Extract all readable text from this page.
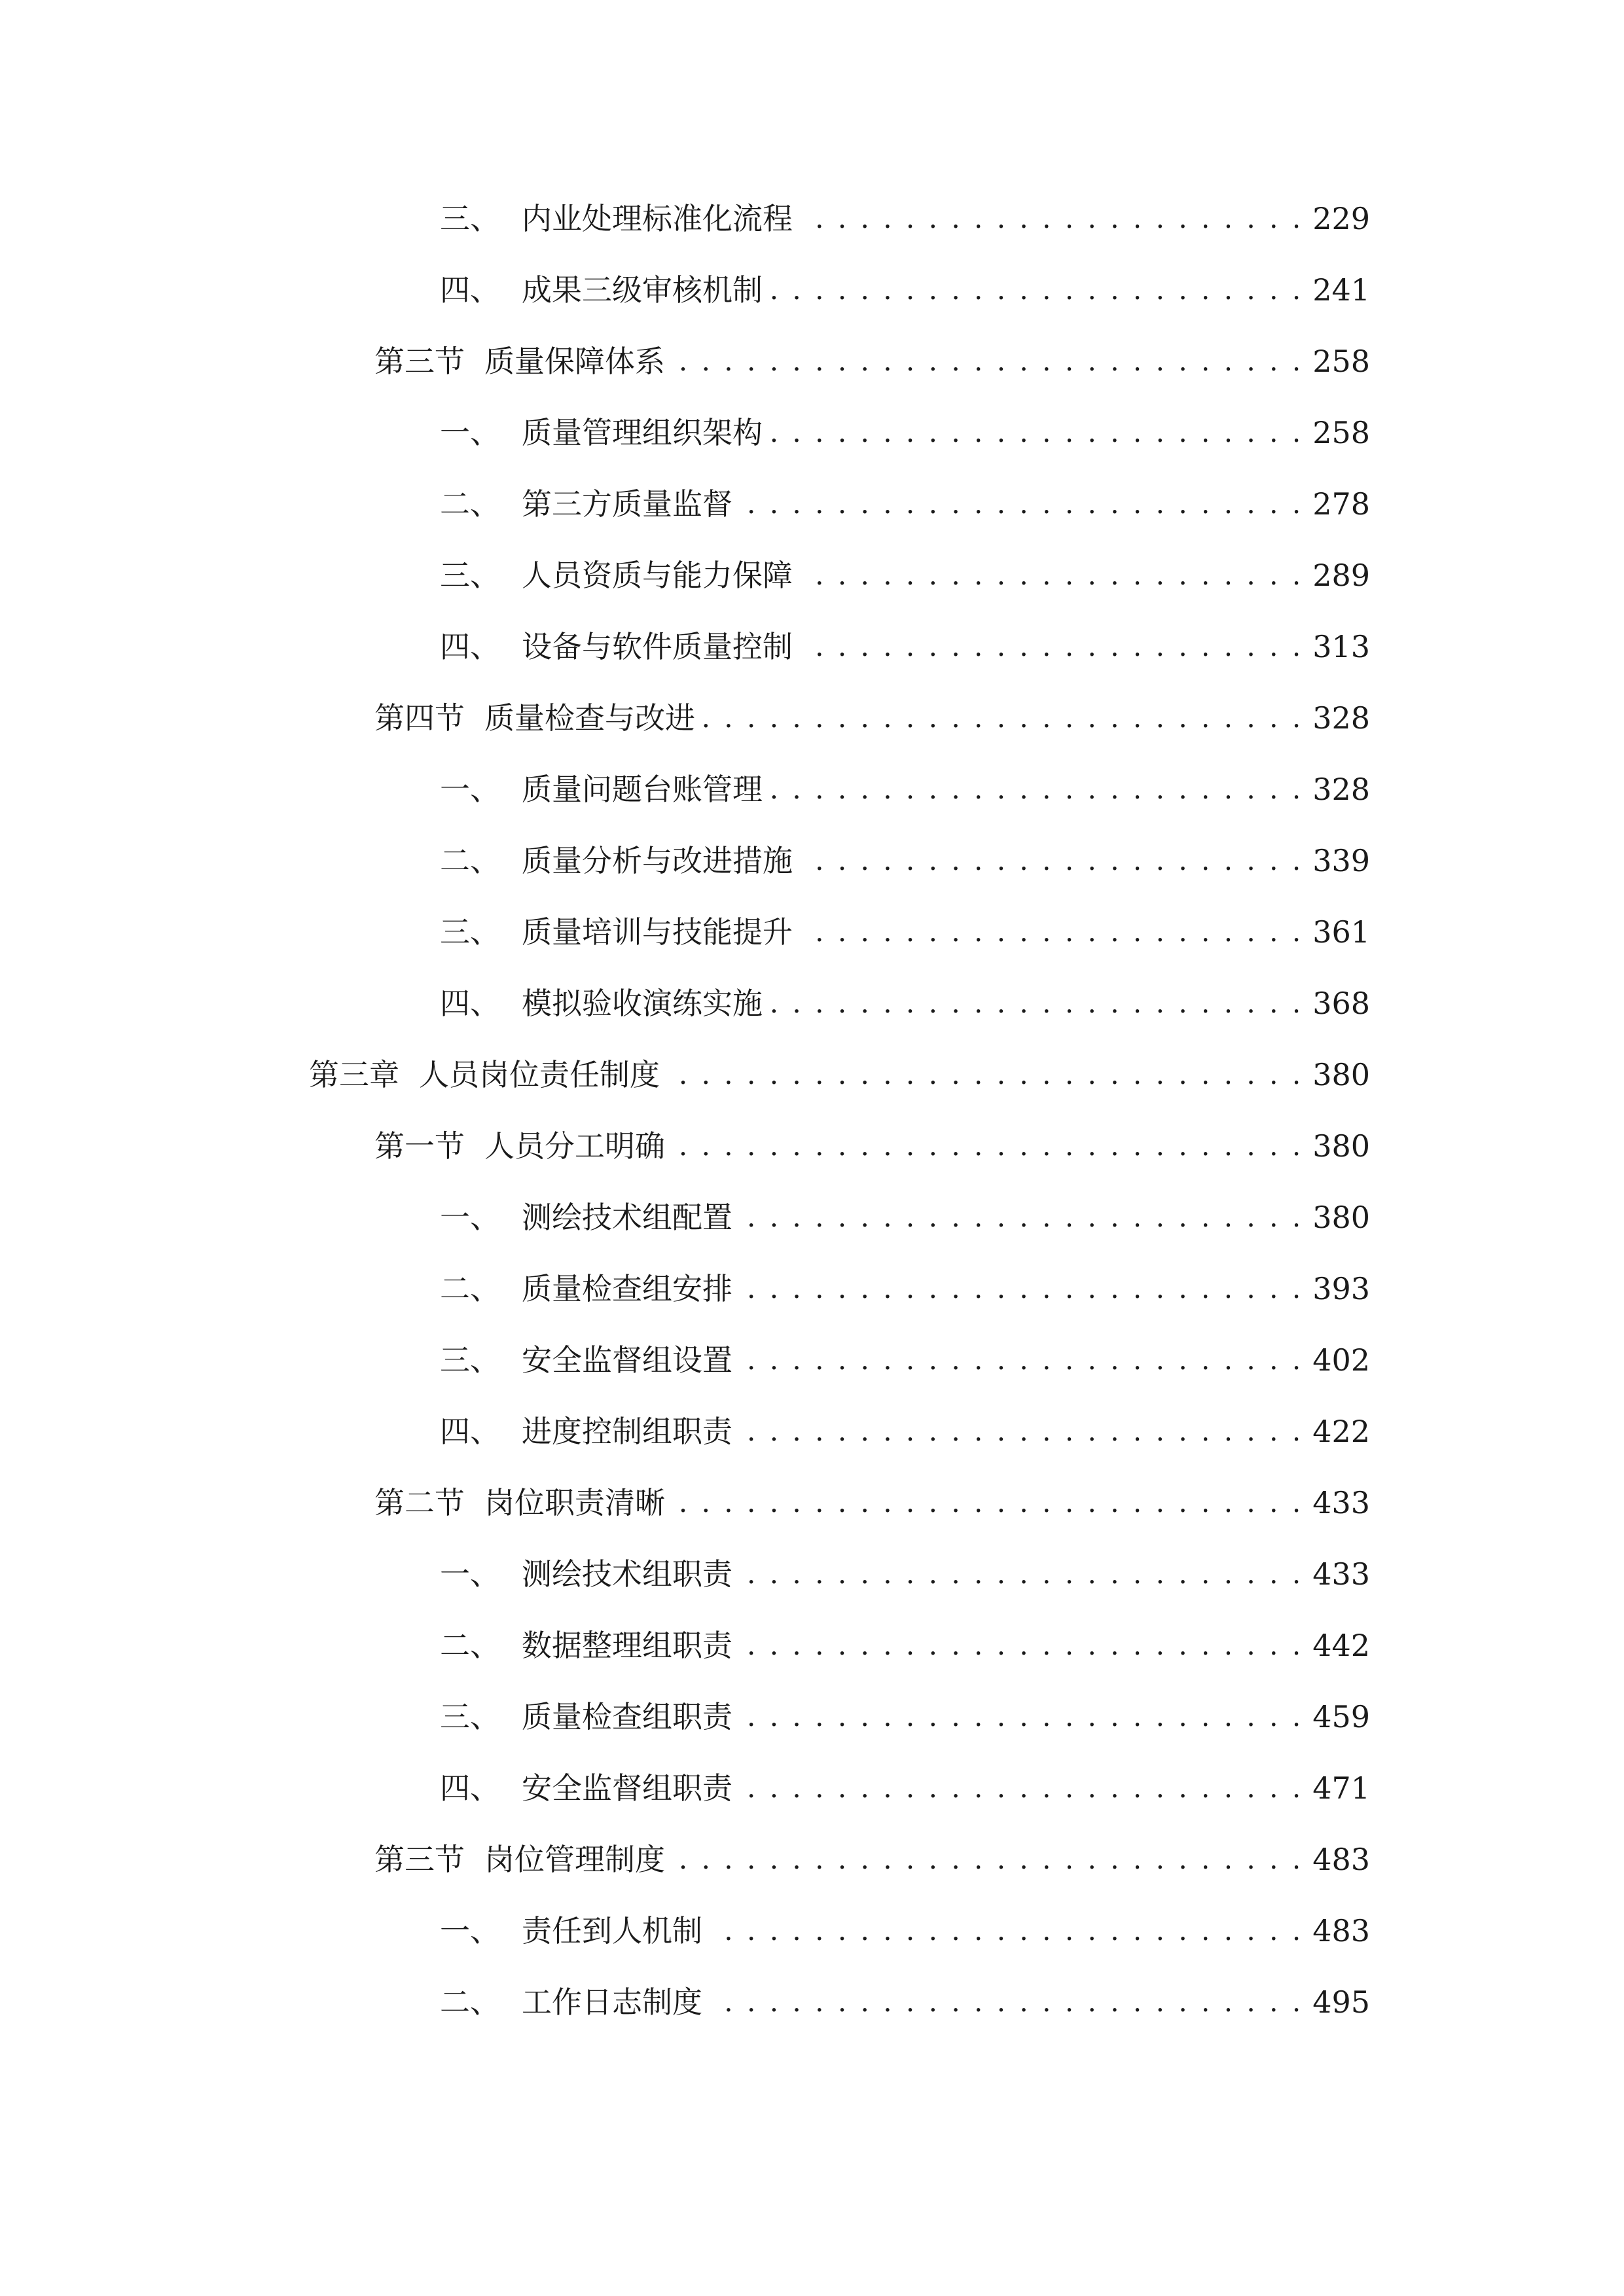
三、 内业处理标准化流程 . . .	229
四、 成果三级审核机制 . . .	241
第三节 质量保障体系 . . .	258
一、 质量管理组织架构 . . .	258
二、 第三方质量监督 . . .	278
三、 人员资质与能力保障 . . .	289
四、 设备与软件质量控制 . . .	313
第四节 质量检查与改进 . . .	328
一、 质量问题台账管理 . . .	328
二、 质量分析与改进措施 . . .	339
三、 质量培训与技能提升 . . .	361
四、 模拟验收演练实施 . . .	368
第三章 人员岗位责任制度 . . .	380
第一节 人员分工明确 . . .	380
一、 测绘技术组配置 . . .	380
二、 质量检查组安排 . . .	393
三、 安全监督组设置 . . .	402
四、 进度控制组职责 . . .	422
第二节 岗位职责清晰 . . .	433
一、 测绘技术组职责 . . .	433
二、 数据整理组职责 . . .	442
三、 质量检查组职责 . . .	459
四、 安全监督组职责 . . .	471
第三节 岗位管理制度 . . .	483
一、 责任到人机制 . . .	483
二、 工作日志制度 . . .	495
